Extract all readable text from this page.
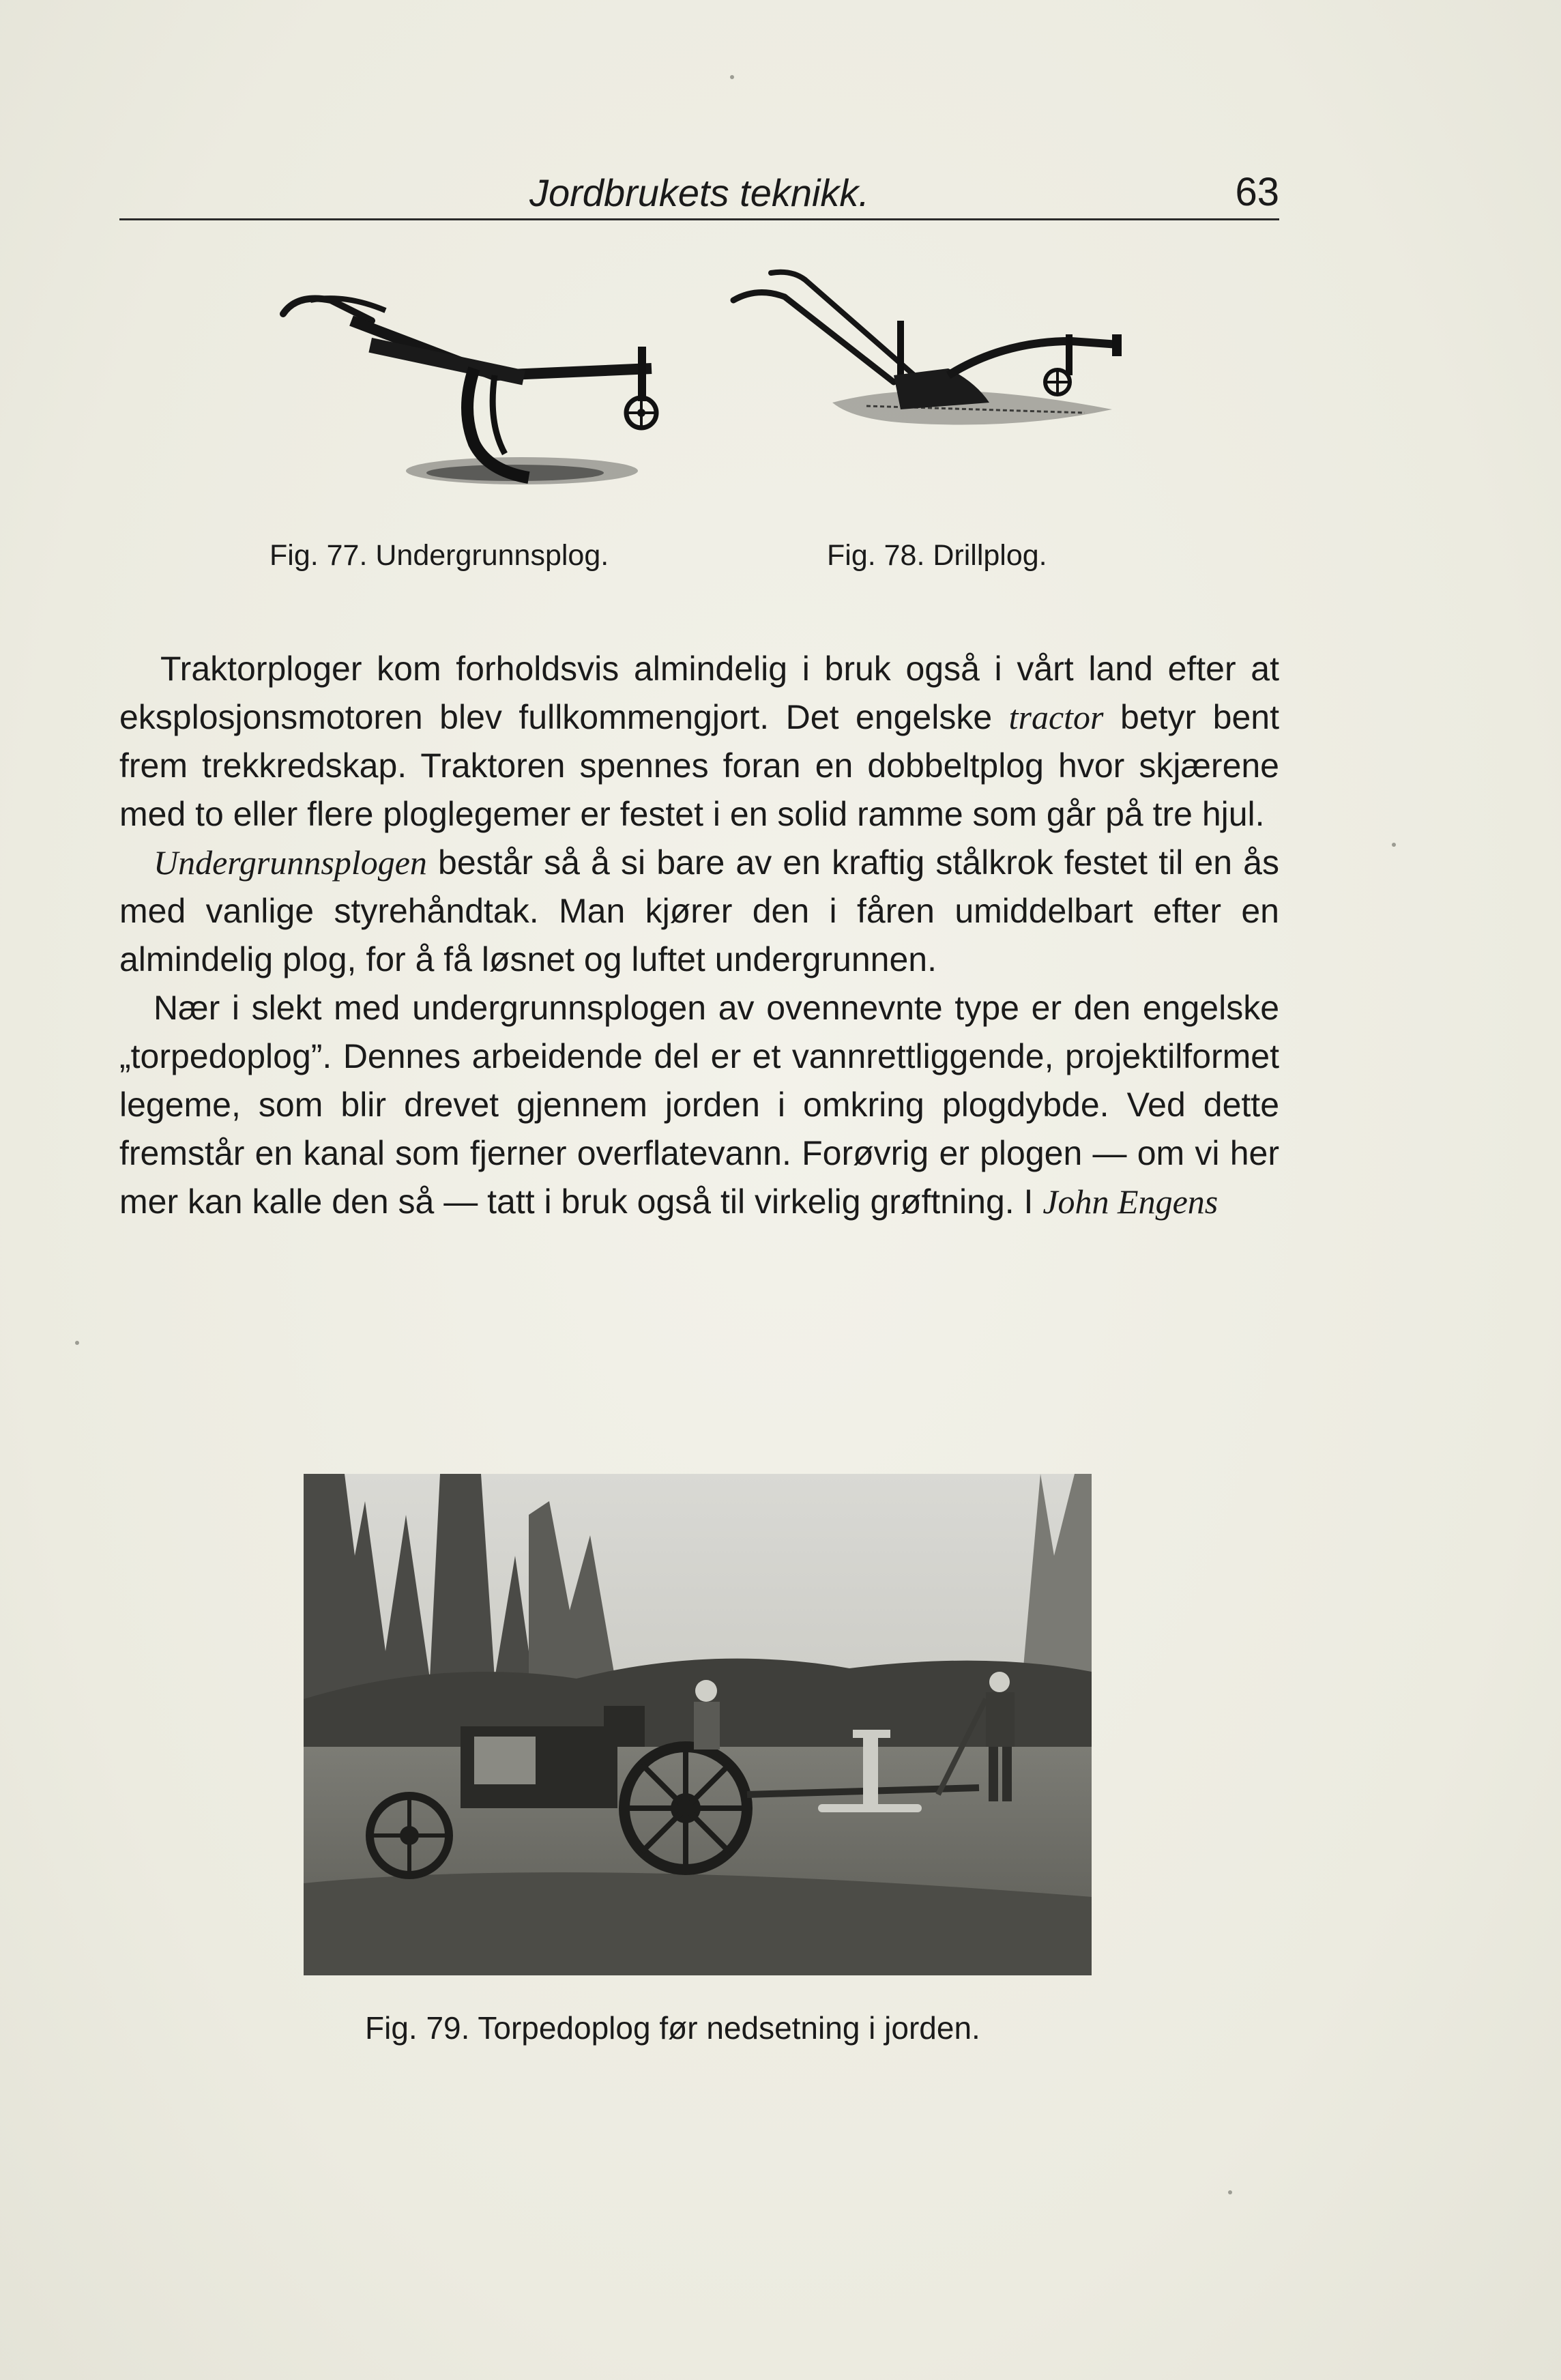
Jordbrukets teknikk.	63
Fig. 77. Undergrunnsplog.	Fig. 78. Drillplog.

Traktorploger kom forholdsvis almindelig i bruk også i vårt land efter at eksplosjonsmotoren blev fullkommengjort. Det engelske tractor betyr bent frem trekkredskap. Traktoren spennes foran en dobbeltplog hvor skjærene med to eller flere ploglegemer er festet i en solid ramme som går på tre hjul.

Undergrunnsplogen består så å si bare av en kraftig stålkrok festet til en ås med vanlige styrehåndtak. Man kjører den i fåren umiddelbart efter en almindelig plog, for å få løsnet og luftet undergrunnen.

Nær i slekt med undergrunnsplogen av ovennevnte type er den engelske „torpedoplog”. Dennes arbeidende del er et vannrettliggende, projektilformet legeme, som blir drevet gjennem jorden i omkring plogdybde. Ved dette fremstår en kanal som fjerner overflatevann. Forøvrig er plogen — om vi her mer kan kalle den så — tatt i bruk også til virkelig grøftning. I John Engens

Fig. 79. Torpedoplog før nedsetning i jorden.
